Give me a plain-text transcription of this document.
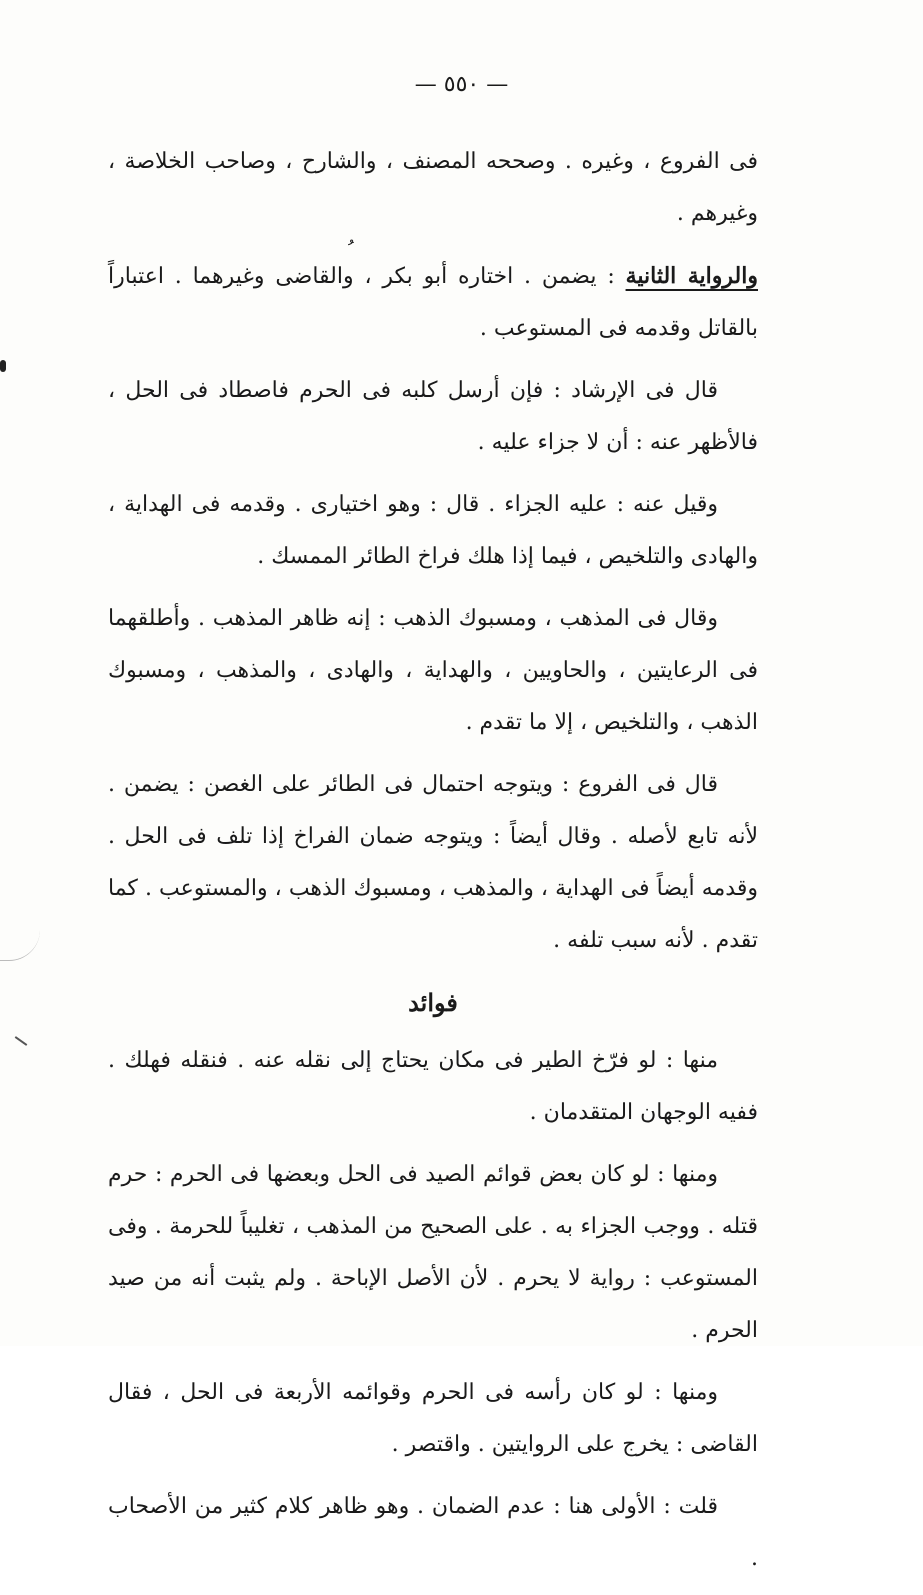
— ٥٥٠ —
ﹸ

فى الفروع ، وغيره . وصححه المصنف ، والشارح ، وصاحب الخلاصة ، وغيرهم .

والرواية الثانية : يضمن . اختاره أبو بكر ، والقاضى وغيرهما . اعتباراً بالقاتل وقدمه فى المستوعب .

قال فى الإرشاد : فإن أرسل كلبه فى الحرم فاصطاد فى الحل ، فالأظهر عنه : أن لا جزاء عليه .

وقيل عنه : عليه الجزاء . قال : وهو اختيارى . وقدمه فى الهداية ، والهادى والتلخيص ، فيما إذا هلك فراخ الطائر الممسك .

وقال فى المذهب ، ومسبوك الذهب : إنه ظاهر المذهب . وأطلقهما فى الرعايتين ، والحاويين ، والهداية ، والهادى ، والمذهب ، ومسبوك الذهب ، والتلخيص ، إلا ما تقدم .

قال فى الفروع : ويتوجه احتمال فى الطائر على الغصن : يضمن . لأنه تابع لأصله . وقال أيضاً : ويتوجه ضمان الفراخ إذا تلف فى الحل . وقدمه أيضاً فى الهداية ، والمذهب ، ومسبوك الذهب ، والمستوعب . كما تقدم . لأنه سبب تلفه .

فوائد

منها : لو فرّخ الطير فى مكان يحتاج إلى نقله عنه . فنقله فهلك . ففيه الوجهان المتقدمان .

ومنها : لو كان بعض قوائم الصيد فى الحل وبعضها فى الحرم : حرم قتله . ووجب الجزاء به . على الصحيح من المذهب ، تغليباً للحرمة . وفى المستوعب : رواية لا يحرم . لأن الأصل الإباحة . ولم يثبت أنه من صيد الحرم .

ومنها : لو كان رأسه فى الحرم وقوائمه الأربعة فى الحل ، فقال القاضى : يخرج على الروايتين . واقتصر .

قلت : الأولى هنا : عدم الضمان . وهو ظاهر كلام كثير من الأصحاب .
